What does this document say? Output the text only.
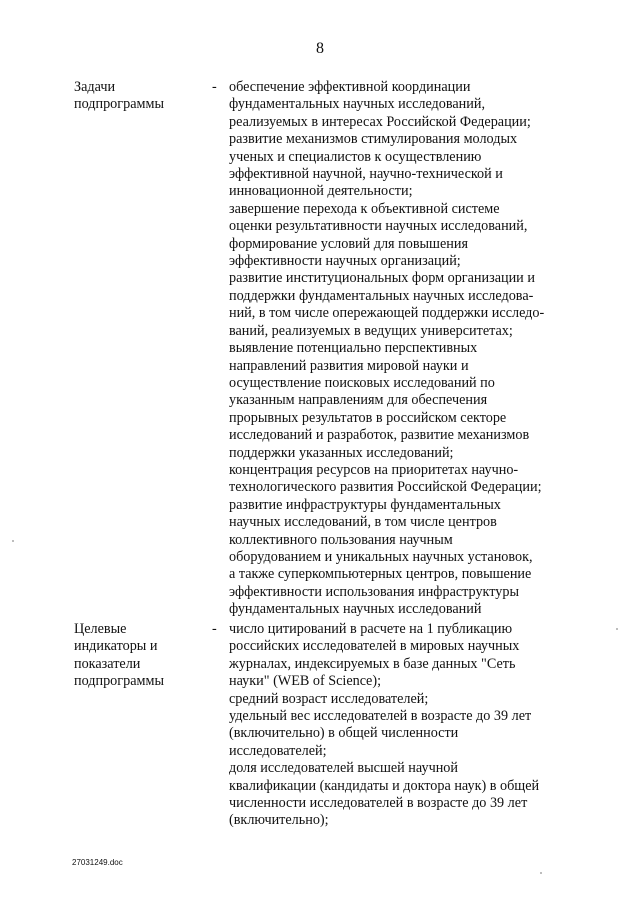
8
Задачи
подпрограммы
- обеспечение эффективной координации
фундаментальных научных исследований,
реализуемых в интересах Российской Федерации;
развитие механизмов стимулирования молодых
ученых и специалистов к осуществлению
эффективной научной, научно-технической и
инновационной деятельности;
завершение перехода к объективной системе
оценки результативности научных исследований,
формирование условий для повышения
эффективности научных организаций;
развитие институциональных форм организации и
поддержки фундаментальных научных исследова-
ний, в том числе опережающей поддержки исследо-
ваний, реализуемых в ведущих университетах;
выявление потенциально перспективных
направлений развития мировой науки и
осуществление поисковых исследований по
указанным направлениям для обеспечения
прорывных результатов в российском секторе
исследований и разработок, развитие механизмов
поддержки указанных исследований;
концентрация ресурсов на приоритетах научно-
технологического развития Российской Федерации;
развитие инфраструктуры фундаментальных
научных исследований, в том числе центров
коллективного пользования научным
оборудованием и уникальных научных установок,
а также суперкомпьютерных центров, повышение
эффективности использования инфраструктуры
фундаментальных научных исследований
Целевые
индикаторы и
показатели
подпрограммы
- число цитирований в расчете на 1 публикацию
российских исследователей в мировых научных
журналах, индексируемых в базе данных "Сеть
науки" (WEB of Science);
средний возраст исследователей;
удельный вес исследователей в возрасте до 39 лет
(включительно) в общей численности
исследователей;
доля исследователей высшей научной
квалификации (кандидаты и доктора наук) в общей
численности исследователей в возрасте до 39 лет
(включительно);
27031249.doc
